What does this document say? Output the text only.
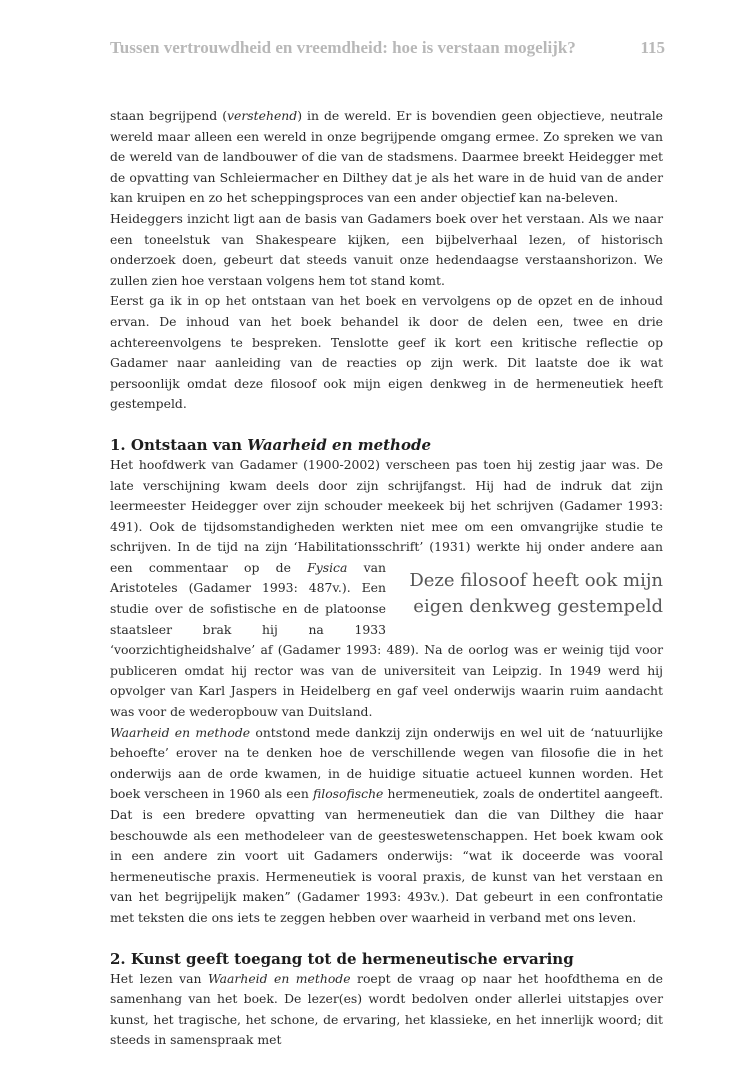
Tussen vertrouwdheid en vreemdheid: hoe is verstaan mogelijk?	115

staan begrijpend (verstehend) in de wereld. Er is bovendien geen objectieve, neutrale wereld maar alleen een wereld in onze begrijpende omgang ermee. Zo spreken we van de wereld van de landbouwer of die van de stadsmens. Daarmee breekt Heidegger met de opvatting van Schleiermacher en Dilthey dat je als het ware in de huid van de ander kan kruipen en zo het scheppingsproces van een ander objectief kan na-beleven.

Heideggers inzicht ligt aan de basis van Gadamers boek over het verstaan. Als we naar een toneelstuk van Shakespeare kijken, een bijbelverhaal lezen, of historisch onderzoek doen, gebeurt dat steeds vanuit onze hedendaagse verstaanshorizon. We zullen zien hoe verstaan volgens hem tot stand komt.

Eerst ga ik in op het ontstaan van het boek en vervolgens op de opzet en de inhoud ervan. De inhoud van het boek behandel ik door de delen een, twee en drie achtereenvolgens te bespreken. Tenslotte geef ik kort een kritische reflectie op Gadamer naar aanleiding van de reacties op zijn werk. Dit laatste doe ik wat persoonlijk omdat deze filosoof ook mijn eigen denkweg in de hermeneutiek heeft gestempeld.

1. Ontstaan van Waarheid en methode

Het hoofdwerk van Gadamer (1900-2002) verscheen pas toen hij zestig jaar was. De late verschijning kwam deels door zijn schrijfangst. Hij had de indruk dat zijn leermeester Heidegger over zijn schouder meekeek bij het schrijven (Gadamer 1993: 491). Ook de tijdsomstandigheden werkten niet mee om een omvangrijke studie te schrijven. In de tijd na zijn ‘Habilitationsschrift’ (1931) werkte hij onder andere aan een commentaar op de
Deze filosoof heeft ook mijn eigen denkweg gestempeld
Fysica van Aristoteles (Gadamer 1993: 487v.). Een studie over de sofistische en de platoonse staatsleer brak hij na 1933 ‘voorzichtigheidshalve’ af (Gadamer 1993: 489). Na de oorlog was er weinig tijd voor publiceren omdat hij rector was van de universiteit van Leipzig. In 1949 werd hij opvolger van Karl Jaspers in Heidelberg en gaf veel onderwijs waarin ruim aandacht was voor de wederopbouw van Duitsland.

Waarheid en methode ontstond mede dankzij zijn onderwijs en wel uit de ‘natuurlijke behoefte’ erover na te denken hoe de verschillende wegen van filosofie die in het onderwijs aan de orde kwamen, in de huidige situatie actueel kunnen worden. Het boek verscheen in 1960 als een filosofische hermeneutiek, zoals de ondertitel aangeeft. Dat is een bredere opvatting van hermeneutiek dan die van Dilthey die haar beschouwde als een methodeleer van de geesteswetenschappen. Het boek kwam ook in een andere zin voort uit Gadamers onderwijs: “wat ik doceerde was vooral hermeneutische praxis. Hermeneutiek is vooral praxis, de kunst van het verstaan en van het begrijpelijk maken” (Gadamer 1993: 493v.). Dat gebeurt in een confrontatie met teksten die ons iets te zeggen hebben over waarheid in verband met ons leven.

2. Kunst geeft toegang tot de hermeneutische ervaring

Het lezen van Waarheid en methode roept de vraag op naar het hoofdthema en de samenhang van het boek. De lezer(es) wordt bedolven onder allerlei uitstapjes over kunst, het tragische, het schone, de ervaring, het klassieke, en het innerlijk woord; dit steeds in samenspraak met
